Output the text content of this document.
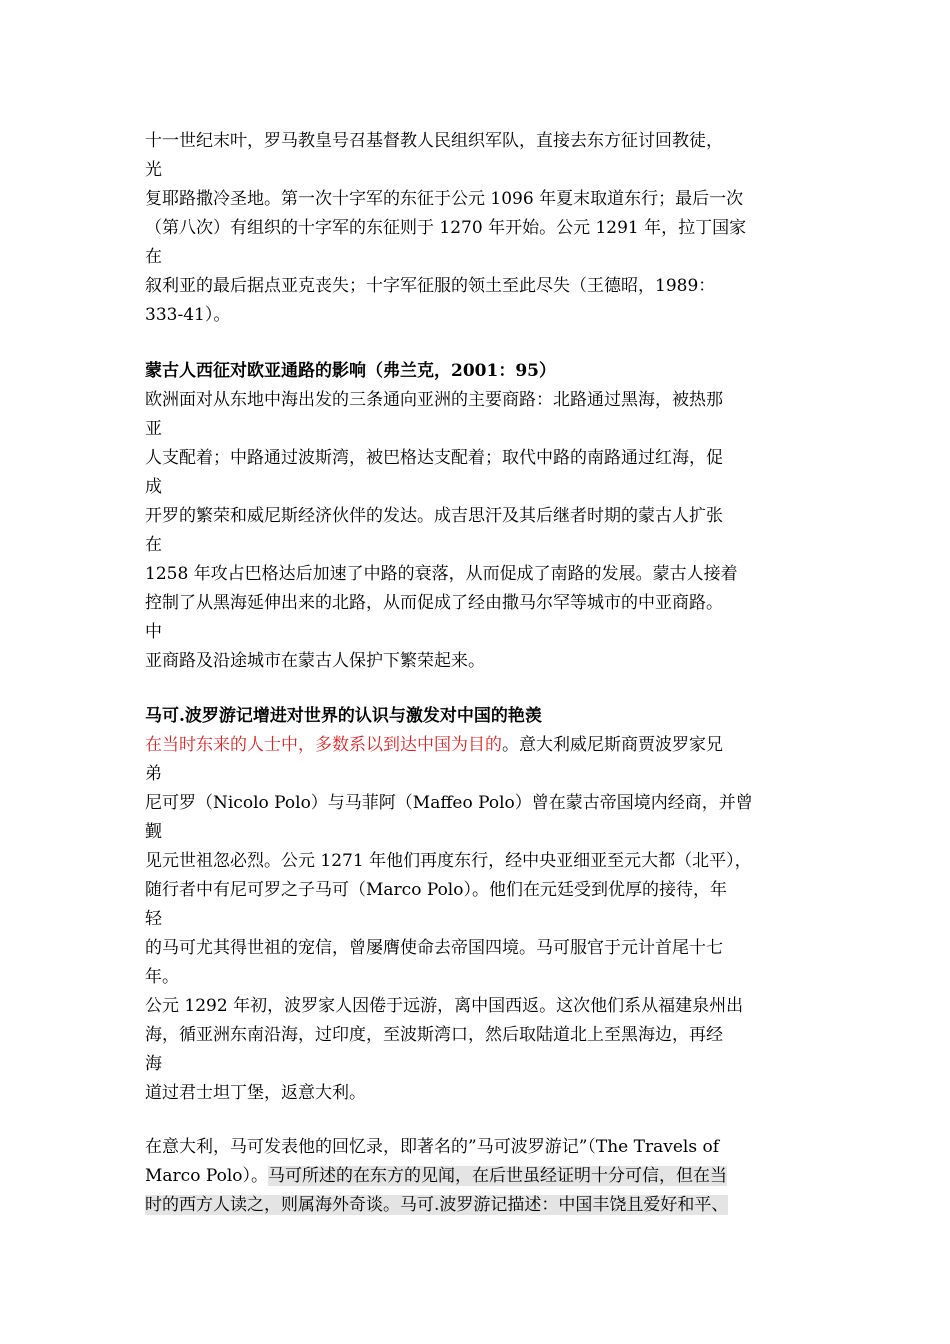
十一世纪末叶，罗马教皇号召基督教人民组织军队，直接去东方征讨回教徒，
光
复耶路撒冷圣地。第一次十字军的东征于公元 1096 年夏末取道东行；最后一次
（第八次）有组织的十字军的东征则于 1270 年开始。公元 1291 年，拉丁国家
在
叙利亚的最后据点亚克丧失；十字军征服的领土至此尽失（王德昭，1989：
333-41）。
蒙古人西征对欧亚通路的影响（弗兰克，2001：95）
欧洲面对从东地中海出发的三条通向亚洲的主要商路：北路通过黑海，被热那
亚
人支配着；中路通过波斯湾，被巴格达支配着；取代中路的南路通过红海，促
成
开罗的繁荣和威尼斯经济伙伴的发达。成吉思汗及其后继者时期的蒙古人扩张
在
1258 年攻占巴格达后加速了中路的衰落，从而促成了南路的发展。蒙古人接着
控制了从黑海延伸出来的北路，从而促成了经由撒马尔罕等城市的中亚商路。
中
亚商路及沿途城市在蒙古人保护下繁荣起来。
马可.波罗游记增进对世界的认识与激发对中国的艳羡
在当时东来的人士中，多数系以到达中国为目的。意大利威尼斯商贾波罗家兄
弟
尼可罗（Nicolo Polo）与马菲阿（Maffeo Polo）曾在蒙古帝国境内经商，并曾
觐
见元世祖忽必烈。公元 1271 年他们再度东行，经中央亚细亚至元大都（北平），
随行者中有尼可罗之子马可（Marco Polo）。他们在元廷受到优厚的接待，年
轻
的马可尤其得世祖的宠信，曾屡膺使命去帝国四境。马可服官于元计首尾十七
年。
公元 1292 年初，波罗家人因倦于远游，离中国西返。这次他们系从福建泉州出
海，循亚洲东南沿海，过印度，至波斯湾口，然后取陆道北上至黑海边，再经
海
道过君士坦丁堡，返意大利。
在意大利，马可发表他的回忆录，即著名的”马可波罗游记”（The Travels of
Marco Polo）。马可所述的在东方的见闻，在后世虽经证明十分可信，但在当
时的西方人读之，则属海外奇谈。马可.波罗游记描述：中国丰饶且爱好和平、
